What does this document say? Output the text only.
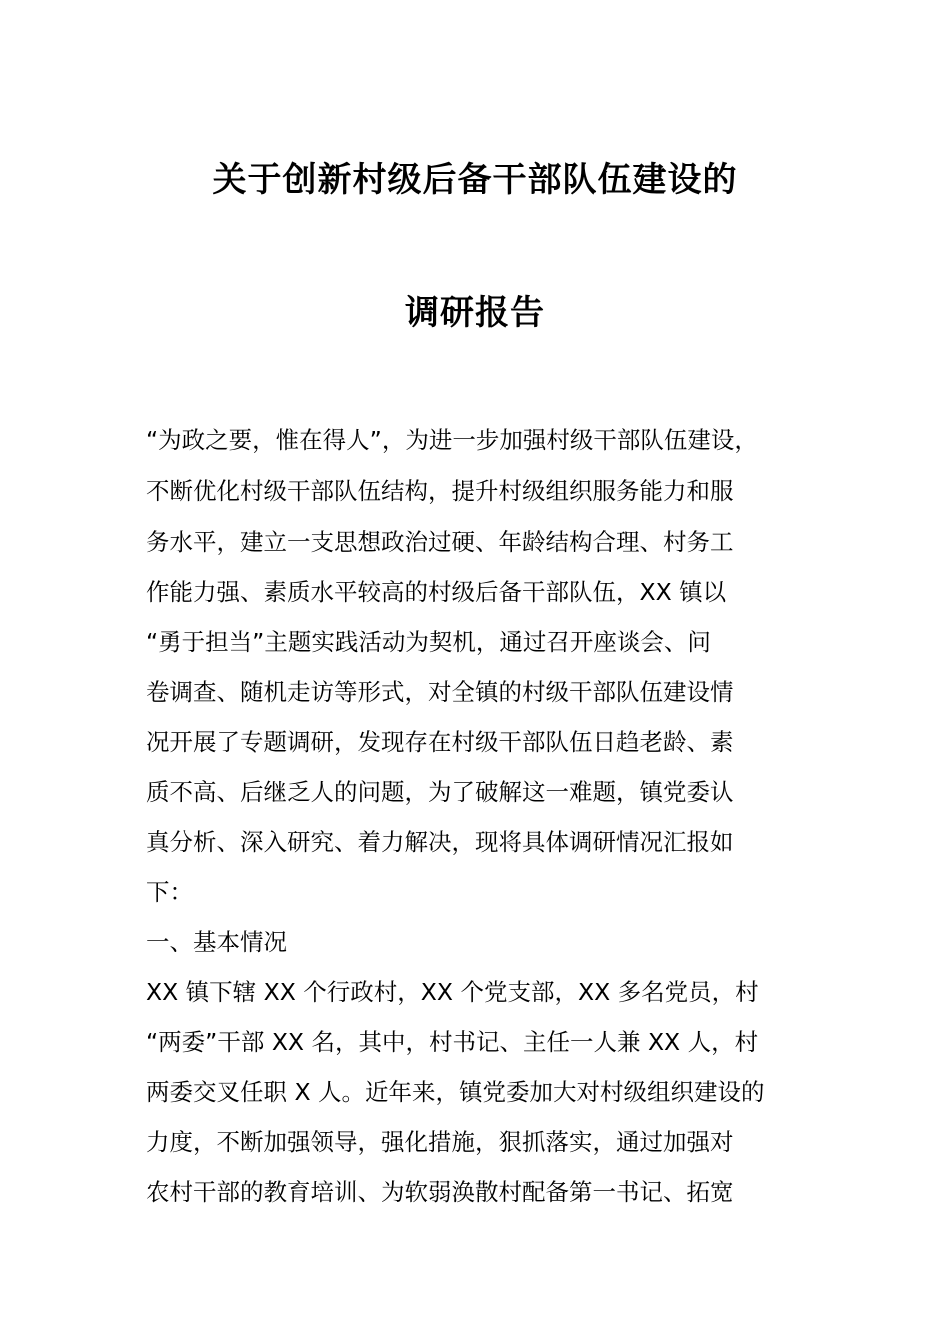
关于创新村级后备干部队伍建设的
调研报告

“为政之要，惟在得人”，为进一步加强村级干部队伍建设，

不断优化村级干部队伍结构，提升村级组织服务能力和服

务水平，建立一支思想政治过硬、年龄结构合理、村务工

作能力强、素质水平较高的村级后备干部队伍，XX 镇以

“勇于担当”主题实践活动为契机，通过召开座谈会、问

卷调查、随机走访等形式，对全镇的村级干部队伍建设情

况开展了专题调研，发现存在村级干部队伍日趋老龄、素

质不高、后继乏人的问题，为了破解这一难题，镇党委认

真分析、深入研究、着力解决，现将具体调研情况汇报如

下：

一、基本情况

XX 镇下辖 XX 个行政村，XX 个党支部，XX 多名党员，村

“两委”干部 XX 名，其中，村书记、主任一人兼 XX 人，村

两委交叉任职 X 人。近年来，镇党委加大对村级组织建设的

力度，不断加强领导，强化措施，狠抓落实，通过加强对

农村干部的教育培训、为软弱涣散村配备第一书记、拓宽
